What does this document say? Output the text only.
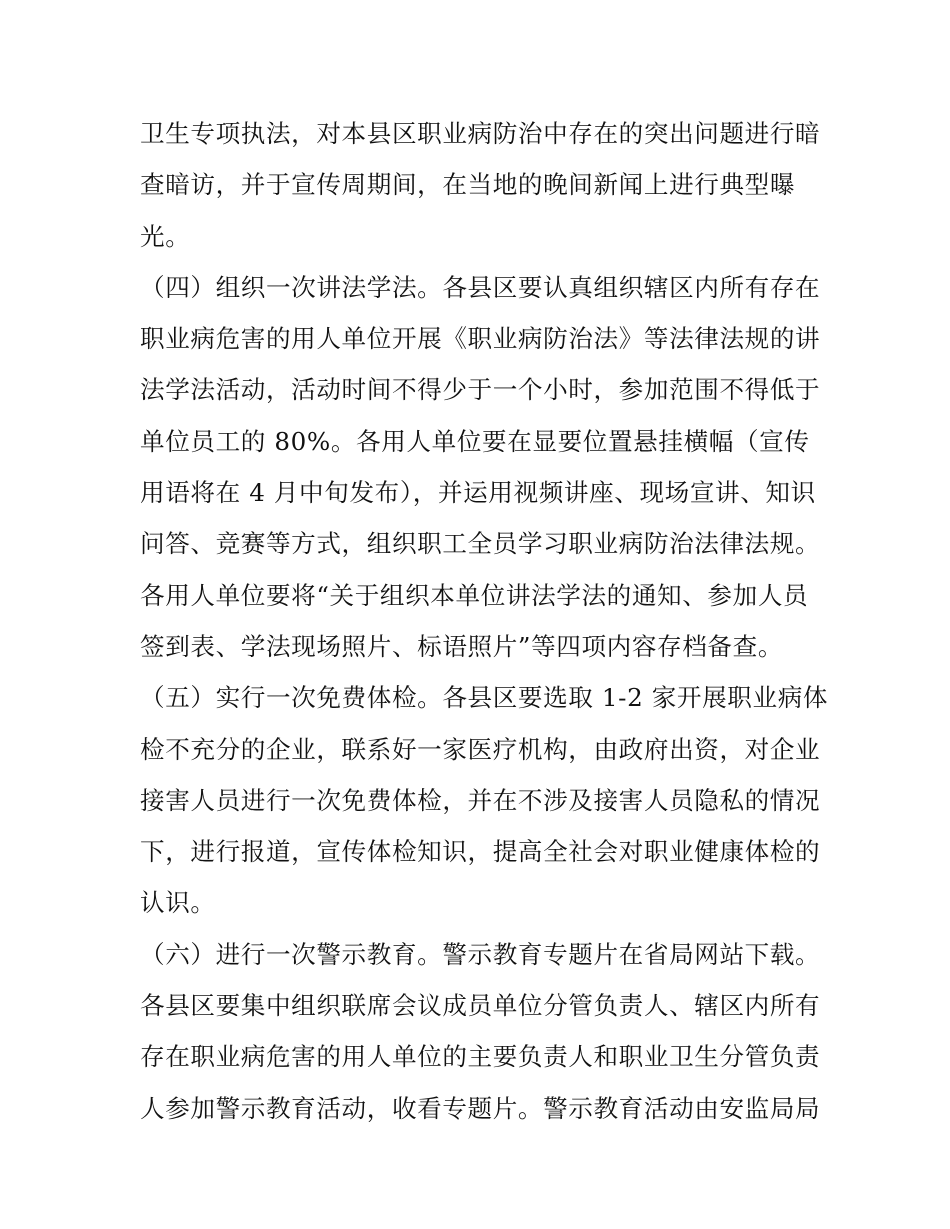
卫生专项执法，对本县区职业病防治中存在的突出问题进行暗
查暗访，并于宣传周期间，在当地的晚间新闻上进行典型曝
光。
（四）组织一次讲法学法。各县区要认真组织辖区内所有存在
职业病危害的用人单位开展《职业病防治法》等法律法规的讲
法学法活动，活动时间不得少于一个小时，参加范围不得低于
单位员工的 80%。各用人单位要在显要位置悬挂横幅（宣传
用语将在 4 月中旬发布），并运用视频讲座、现场宣讲、知识
问答、竞赛等方式，组织职工全员学习职业病防治法律法规。
各用人单位要将“关于组织本单位讲法学法的通知、参加人员
签到表、学法现场照片、标语照片”等四项内容存档备查。
（五）实行一次免费体检。各县区要选取 1-2 家开展职业病体
检不充分的企业，联系好一家医疗机构，由政府出资，对企业
接害人员进行一次免费体检，并在不涉及接害人员隐私的情况
下，进行报道，宣传体检知识，提高全社会对职业健康体检的
认识。
（六）进行一次警示教育。警示教育专题片在省局网站下载。
各县区要集中组织联席会议成员单位分管负责人、辖区内所有
存在职业病危害的用人单位的主要负责人和职业卫生分管负责
人参加警示教育活动，收看专题片。警示教育活动由安监局局
